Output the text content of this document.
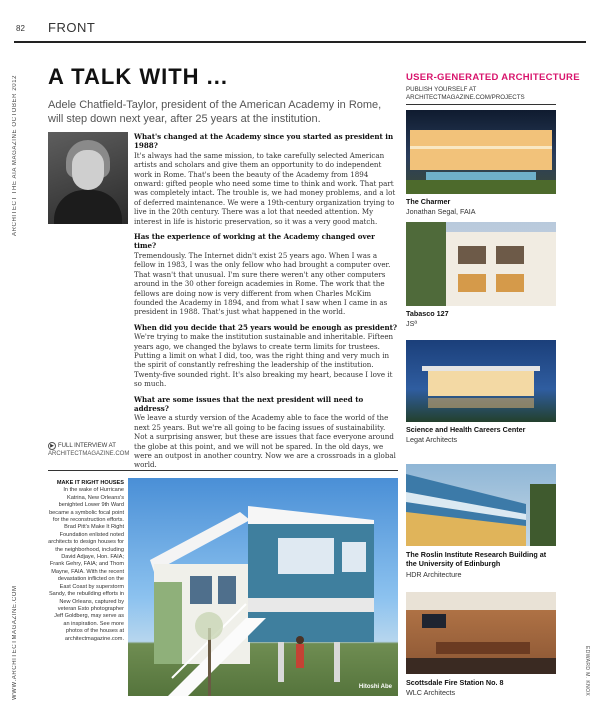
82 FRONT
ARCHITECT THE AIA MAGAZINE OCTOBER 2012
WWW.ARCHITECTMAGAZINE.COM	EDWARD M. KNOX
A TALK WITH ...

Adele Chatfield-Taylor, president of the American Academy in Rome, will step down next year, after 25 years at the institution.

What's changed at the Academy since you started as president in 1988?

It's always had the same mission, to take carefully selected American artists and scholars and give them an opportunity to do independent work in Rome. That's been the beauty of the Academy from 1894 onward: gifted people who need some time to think and work. That part was completely intact. The trouble is, we had money problems, and a lot of deferred maintenance. We were a 19th-century organization trying to live in the 20th century. There was a lot that needed attention. My interest in life is historic preservation, so it was a very good match.

Has the experience of working at the Academy changed over time?

Tremendously. The Internet didn't exist 25 years ago. When I was a fellow in 1983, I was the only fellow who had brought a computer over. That wasn't that unusual. I'm sure there weren't any other computers around in the 30 other foreign academies in Rome. The work that the fellows are doing now is very different from when Charles McKim founded the Academy in 1894, and from what I saw when I came in as president in 1988. That's just what happened in the world.

When did you decide that 25 years would be enough as president?

We're trying to make the institution sustainable and inheritable. Fifteen years ago, we changed the bylaws to create term limits for trustees. Putting a limit on what I did, too, was the right thing and very much in the spirit of constantly refreshing the leadership of the institution. Twenty-five sounded right. It's also breaking my heart, because I love it so much.

What are some issues that the next president will need to address?

We leave a sturdy version of the Academy able to face the world of the next 25 years. But we're all going to be facing issues of sustainability. Not a surprising answer, but these are issues that face everyone around the globe at this point, and we will not be spared. In the old days, we were an outpost in another country. Now we are a crossroads in a global world.

▶ FULL INTERVIEW AT
ARCHITECTMAGAZINE.COM
MAKE IT RIGHT HOUSES
In the wake of Hurricane Katrina, New Orleans's benighted Lower 9th Ward became a symbolic focal point for the reconstruction efforts. Brad Pitt's Make It Right Foundation enlisted noted architects to design houses for the neighborhood, including David Adjaye, Hon. FAIA; Frank Gehry, FAIA; and Thom Mayne, FAIA. With the recent devastation inflicted on the East Coast by superstorm Sandy, the rebuilding efforts in New Orleans, captured by veteran Esto photographer Jeff Goldberg, may serve as an inspiration. See more photos of the houses at architectmagazine.com.
Hitoshi Abe
USER-GENERATED ARCHITECTURE
PUBLISH YOURSELF AT
ARCHITECTMAGAZINE.COM/PROJECTS
The Charmer
Jonathan Segal, FAIA
Tabasco 127
JSª
Science and Health Careers Center
Legat Architects
The Roslin Institute Research Building at the University of Edinburgh
HDR Architecture
Scottsdale Fire Station No. 8
WLC Architects
